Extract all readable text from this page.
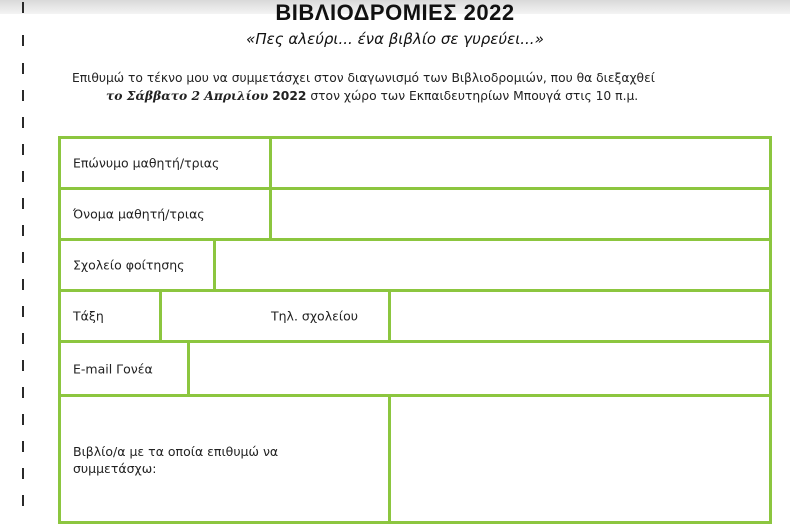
ΒΙΒΛΙΟΔΡΟΜΙΕΣ 2022
«Πες αλεύρι... ένα βιβλίο σε γυρεύει...»
Επιθυμώ το τέκνο μου να συμμετάσχει στον διαγωνισμό των Βιβλιοδρομιών, που θα διεξαχθεί
το Σάββατο 2 Απριλίου 2022 στον χώρο των Εκπαιδευτηρίων Μπουγά στις 10 π.μ.
Επώνυμο μαθητή/τριας
Όνομα μαθητή/τριας
Σχολείο φοίτησης
Τάξη	Τηλ. σχολείου
E-mail Γονέα
Βιβλίο/α με τα οποία επιθυμώ να συμμετάσχω:
